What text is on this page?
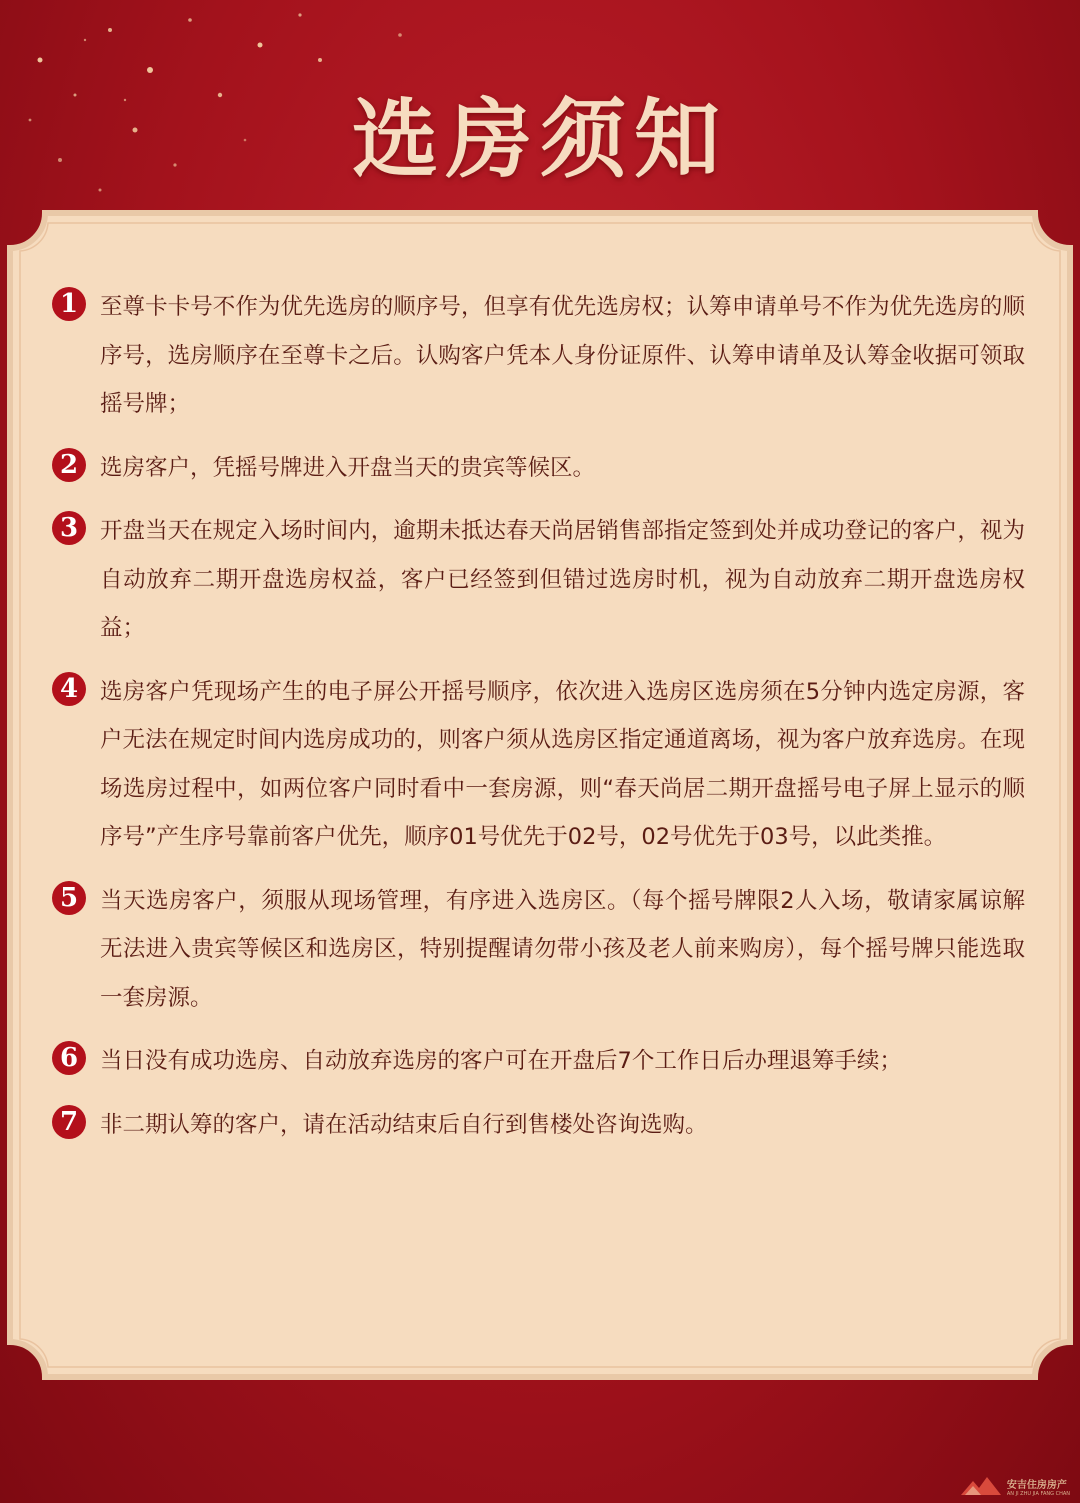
选房须知
1 至尊卡卡号不作为优先选房的顺序号，但享有优先选房权；认筹申请单号不作为优先选房的顺序号，选房顺序在至尊卡之后。认购客户凭本人身份证原件、认筹申请单及认筹金收据可领取摇号牌；
2 选房客户，凭摇号牌进入开盘当天的贵宾等候区。
3 开盘当天在规定入场时间内，逾期未抵达春天尚居销售部指定签到处并成功登记的客户，视为自动放弃二期开盘选房权益，客户已经签到但错过选房时机，视为自动放弃二期开盘选房权益；
4 选房客户凭现场产生的电子屏公开摇号顺序，依次进入选房区选房须在5分钟内选定房源，客户无法在规定时间内选房成功的，则客户须从选房区指定通道离场，视为客户放弃选房。在现场选房过程中，如两位客户同时看中一套房源，则“春天尚居二期开盘摇号电子屏上显示的顺序号”产生序号靠前客户优先，顺序01号优先于02号，02号优先于03号，以此类推。
5 当天选房客户，须服从现场管理，有序进入选房区。（每个摇号牌限2人入场，敬请家属谅解无法进入贵宾等候区和选房区，特别提醒请勿带小孩及老人前来购房），每个摇号牌只能选取一套房源。
6 当日没有成功选房、自动放弃选房的客户可在开盘后7个工作日后办理退筹手续；
7 非二期认筹的客户，请在活动结束后自行到售楼处咨询选购。
安吉住房房产
AN JI ZHU JIA FANG CHAN
